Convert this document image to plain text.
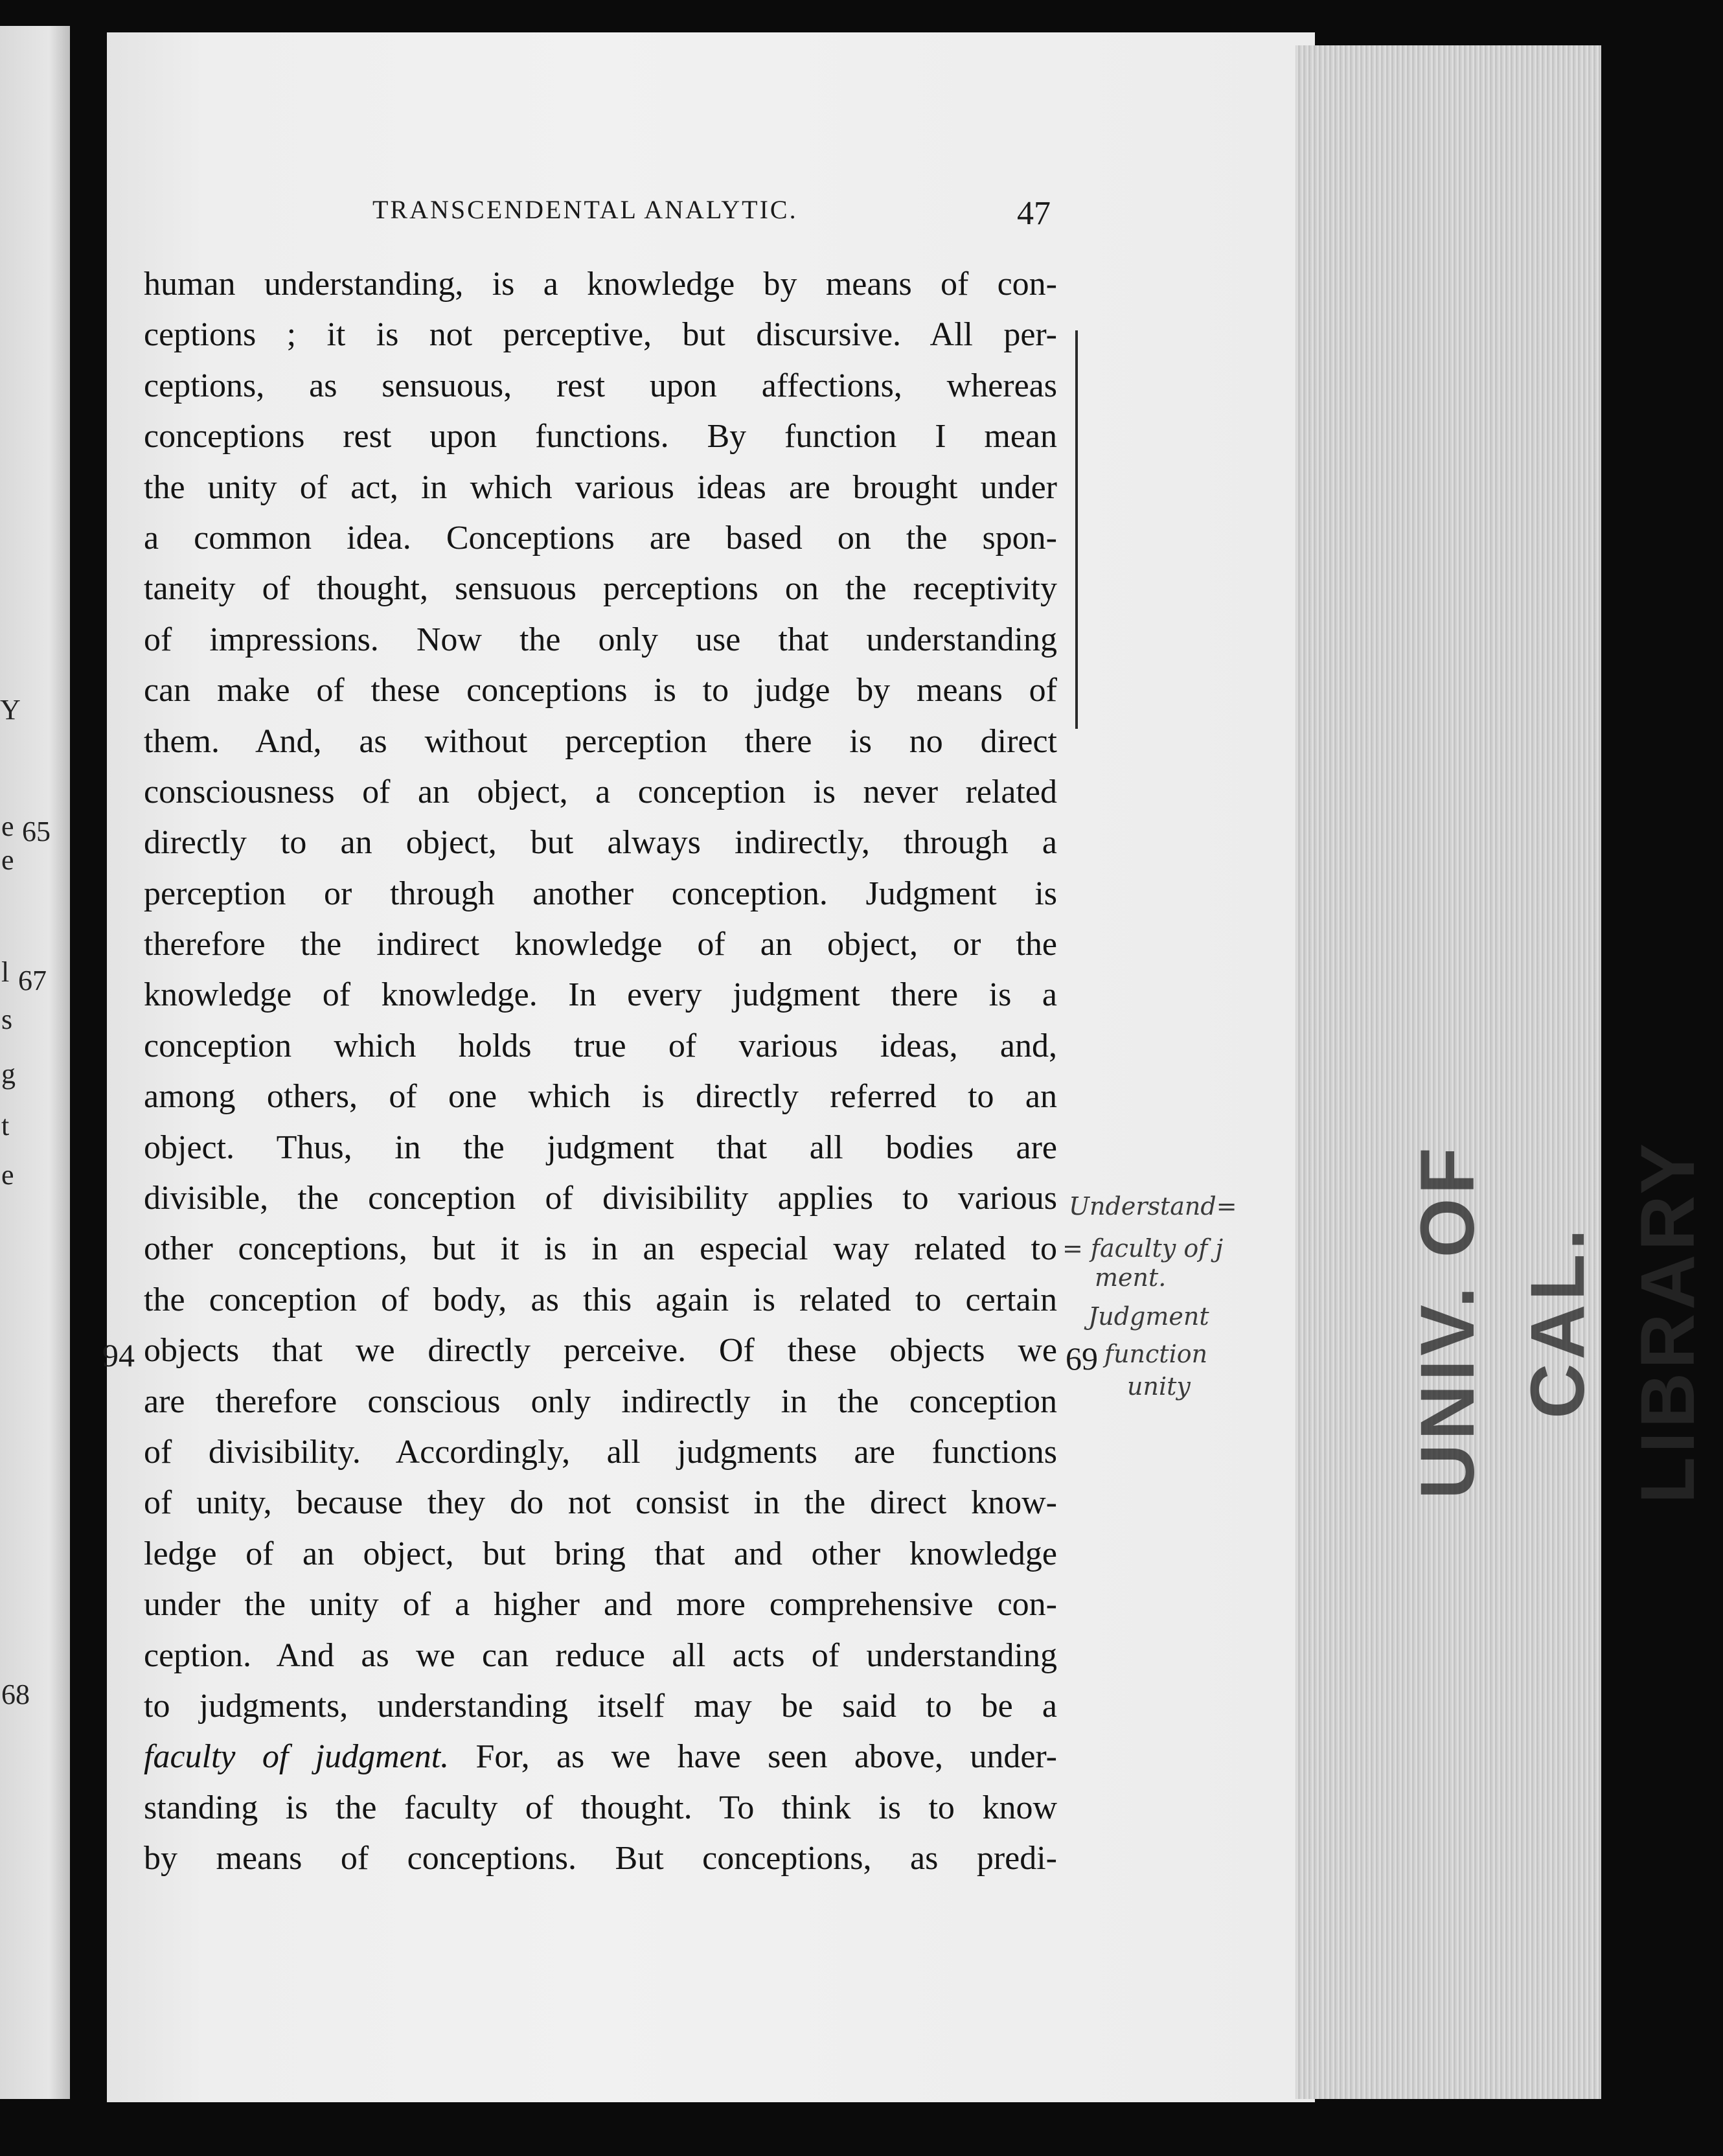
Y
e 65
e
l 67
s
g
t
e
68
UNIV. OF CAL. LIBRARY
TRANSCENDENTAL ANALYTIC.	47
human understanding, is a knowledge by means of con-
ceptions ; it is not perceptive, but discursive. All per-
ceptions, as sensuous, rest upon affections, whereas
conceptions rest upon functions. By function I mean
the unity of act, in which various ideas are brought under
a common idea. Conceptions are based on the spon-
taneity of thought, sensuous perceptions on the receptivity
of impressions. Now the only use that understanding
can make of these conceptions is to judge by means of
them. And, as without perception there is no direct
consciousness of an object, a conception is never related
directly to an object, but always indirectly, through a
perception or through another conception. Judgment is
therefore the indirect knowledge of an object, or the
knowledge of knowledge. In every judgment there is a
conception which holds true of various ideas, and,
among others, of one which is directly referred to an
object. Thus, in the judgment that all bodies are
divisible, the conception of divisibility applies to various
other conceptions, but it is in an especial way related to
the conception of body, as this again is related to certain
objects that we directly perceive. Of these objects we
are therefore conscious only indirectly in the conception
of divisibility. Accordingly, all judgments are functions
of unity, because they do not consist in the direct know-
ledge of an object, but bring that and other knowledge
under the unity of a higher and more comprehensive con-
ception. And as we can reduce all acts of understanding
to judgments, understanding itself may be said to be a
faculty of judgment. For, as we have seen above, under-
standing is the faculty of thought. To think is to know
by means of conceptions. But conceptions, as predi-
94	69
Understand=
= faculty of j
ment.
Judgment
function
unity
